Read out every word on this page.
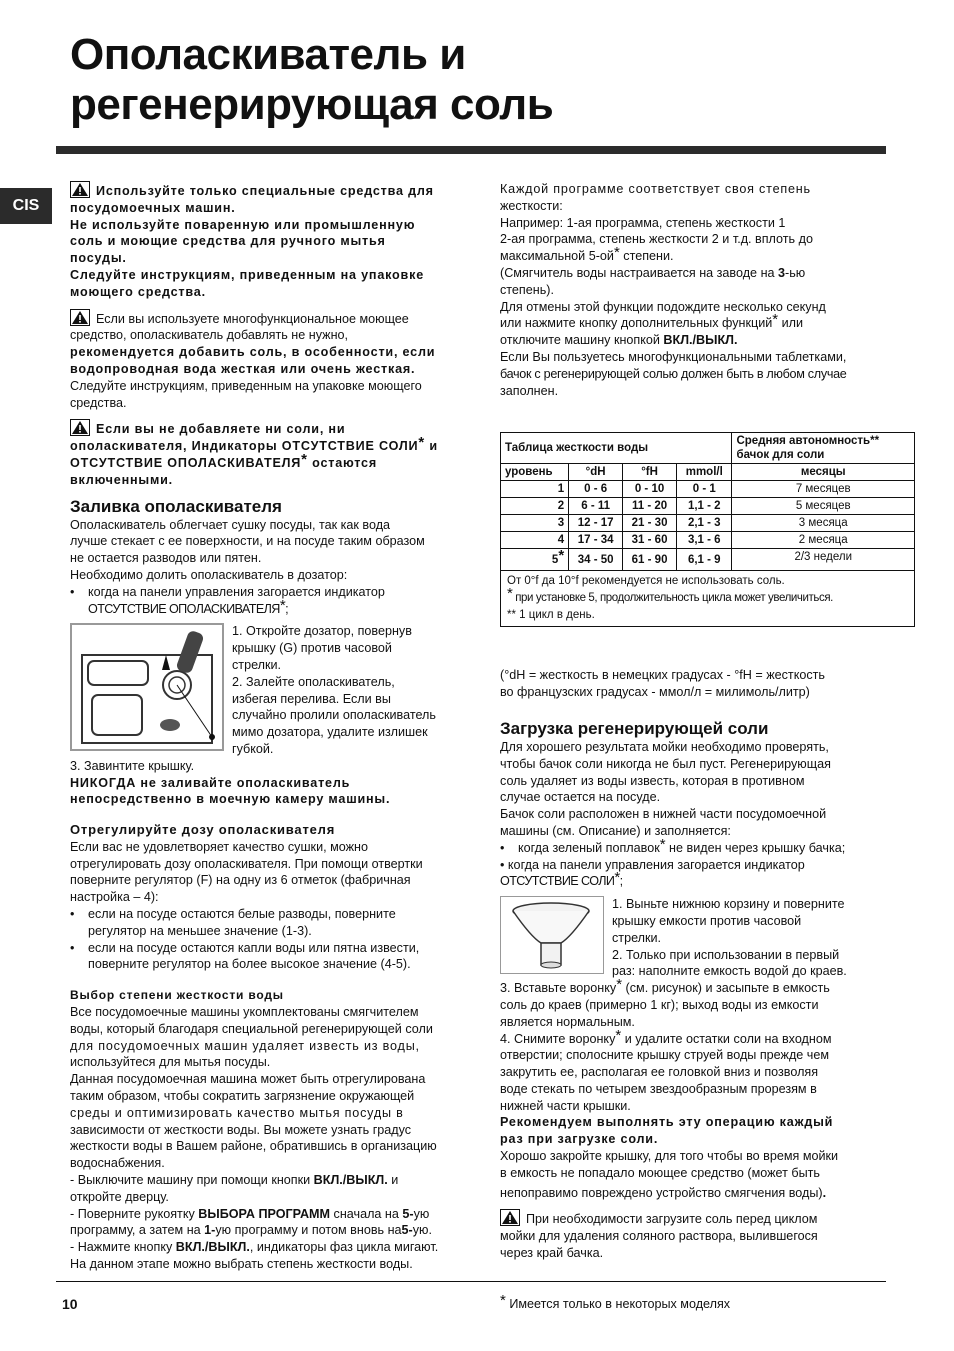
Ополаскиватель и
регенерирующая соль
CIS

Используйте только специальные средства для

посудомоечных машин.

Не используйте поваренную или промышленную

соль и моющие средства для ручного мытья

посуды.

Следуйте инструкциям, приведенным на упаковке

моющего средства.

Если вы используете многофункциональное моющее

средство, ополаскиватель добавлять не нужно,

рекомендуется добавить соль, в особенности, если

водопроводная вода жесткая или очень жесткая.

Следуйте инструкциям, приведенным на упаковке моющего

средства.

Если вы не добавляете ни соли, ни

ополаскивателя, Индикаторы ОТСУТСТВИЕ СОЛИ* и

ОТСУТСТВИЕ ОПОЛАСКИВАТЕЛЯ* остаются

включенными.

Заливка ополаскивателя

Ополаскиватель облегчает сушку посуды, так как вода

лучше стекает с ее поверхности, и на посуде таким образом

не остается разводов или пятен.

Необходимо долить ополаскиватель в дозатор:

•	когда на панели управления загорается индикатор
ОТСУТСТВИЕ ОПОЛАСКИВАТЕЛЯ*;

1. Откройте дозатор, повернув

крышку (G) против часовой

стрелки.

2. Залейте ополаскиватель,

избегая перелива. Если вы

случайно пролили ополаскиватель

мимо дозатора, удалите излишек

губкой.

3. Завинтите крышку.

НИКОГДА не заливайте ополаскиватель

непосредственно в моечную камеру машины.

Отрегулируйте дозу ополаскивателя

Если вас не удовлетворяет качество сушки, можно

отрегулировать дозу ополаскивателя. При помощи отвертки

поверните регулятор (F) на одну из 6 отметок (фабричная

настройка – 4):

•	если на посуде остаются белые разводы, поверните
регулятор на меньшее значение (1-3).
•	если на посуде остаются капли воды или пятна извести,
поверните регулятор на более высокое значение (4-5).

Выбор степени жесткости воды

Все посудомоечные машины укомплектованы смягчителем

воды, который благодаря специальной регенерирующей соли

для посудомоечных машин удаляет известь из воды,

используйтеся для мытья посуды.

Данная посудомоечная машина может быть отрегулирована

таким образом, чтобы сократить загрязнение окружающей

среды и оптимизировать качество мытья посуды в

зависимости от жесткости воды. Вы можете узнать градус

жесткости воды в Вашем районе, обратившись в организацию

водоснабжения.

- Выключите машину при помощи кнопки ВКЛ./ВЫКЛ. и

откройте дверцу.

- Поверните рукоятку ВЫБОРА ПРОГРАММ сначала на 5-ую

программу, а затем на 1-ую программу и потом вновь на5-ую.

- Нажмите кнопку ВКЛ./ВЫКЛ., индикаторы фаз цикла мигают.

На данном этапе можно выбрать степень жесткости воды.

Каждой программе соответствует своя степень

жесткости:

Например: 1-ая программа, степень жесткости 1

2-ая программа, степень жесткости 2 и т.д. вплоть до

максимальной 5-ой* степени.

(Смягчитель воды настраивается на заводе на 3-ью

степень).

Для отмены этой функции подождите несколько секунд

или нажмите кнопку дополнительных функций* или

отключите машину кнопкой ВКЛ./ВЫКЛ.

Если Вы пользуетесь многофункциональными таблетками,

бачок с регенерирующей солью должен быть в любом случае

заполнен.

Таблица жесткости воды				Средняя автономность**
бачок для соли
уровень	°dH	°fH	mmol/l	месяцы
1	0 - 6	0 - 10	0 - 1	7 месяцев
2	6 - 11	11 - 20	1,1 - 2	5 месяцев
3	12 - 17	21 - 30	2,1 - 3	3 месяца
4	17 - 34	31 - 60	3,1 - 6	2 месяца
5*	34 - 50	61 - 90	6,1 - 9	2/3 недели

От 0°f да 10°f рекомендуется не использовать соль.

* при установке 5, продолжительность цикла может увеличиться.

** 1 цикл в день.

(°dH = жесткость в немецких градусах - °fH = жесткость

во французских градусах - ммол/л = милимоль/литр)

Загрузка регенерирующей соли

Для хорошего результата мойки необходимо проверять,

чтобы бачок соли никогда не был пуст. Регенерирующая

соль удаляет из воды известь, которая в противном

случае остается на посуде.

Бачок соли расположен в нижней части посудомоечной

машины (см. Описание) и заполняется:

•	когда зеленый поплавок* не виден через крышку бачка;

• когда на панели управления загорается индикатор

ОТСУТСТВИЕ СОЛИ*;

1. Выньте нижнюю корзину и поверните

крышку емкости против часовой

стрелки.

2. Только при использовании в первый

раз: наполните емкость водой до краев.

3. Вставьте воронку* (см. рисунок) и засыпьте в емкость

соль до краев (примерно 1 кг); выход воды из емкости

является нормальным.

4. Снимите воронку* и удалите остатки соли на входном

отверстии; сполосните крышку струей воды прежде чем

закрутить ее, располагая ее головкой вниз и позволяя

воде стекать по четырем звездообразным прорезям в

нижней части крышки.

Рекомендуем выполнять эту операцию каждый

раз при загрузке соли.

Хорошо закройте крышку, для того чтобы во время мойки

в емкость не попадало моющее средство (может быть

непоправимо повреждено устройство смягчения воды).

При необходимости загрузите соль перед циклом

мойки для удаления соляного раствора, вылившегося

через край бачка.

10	* Имеется только в некоторых моделях
